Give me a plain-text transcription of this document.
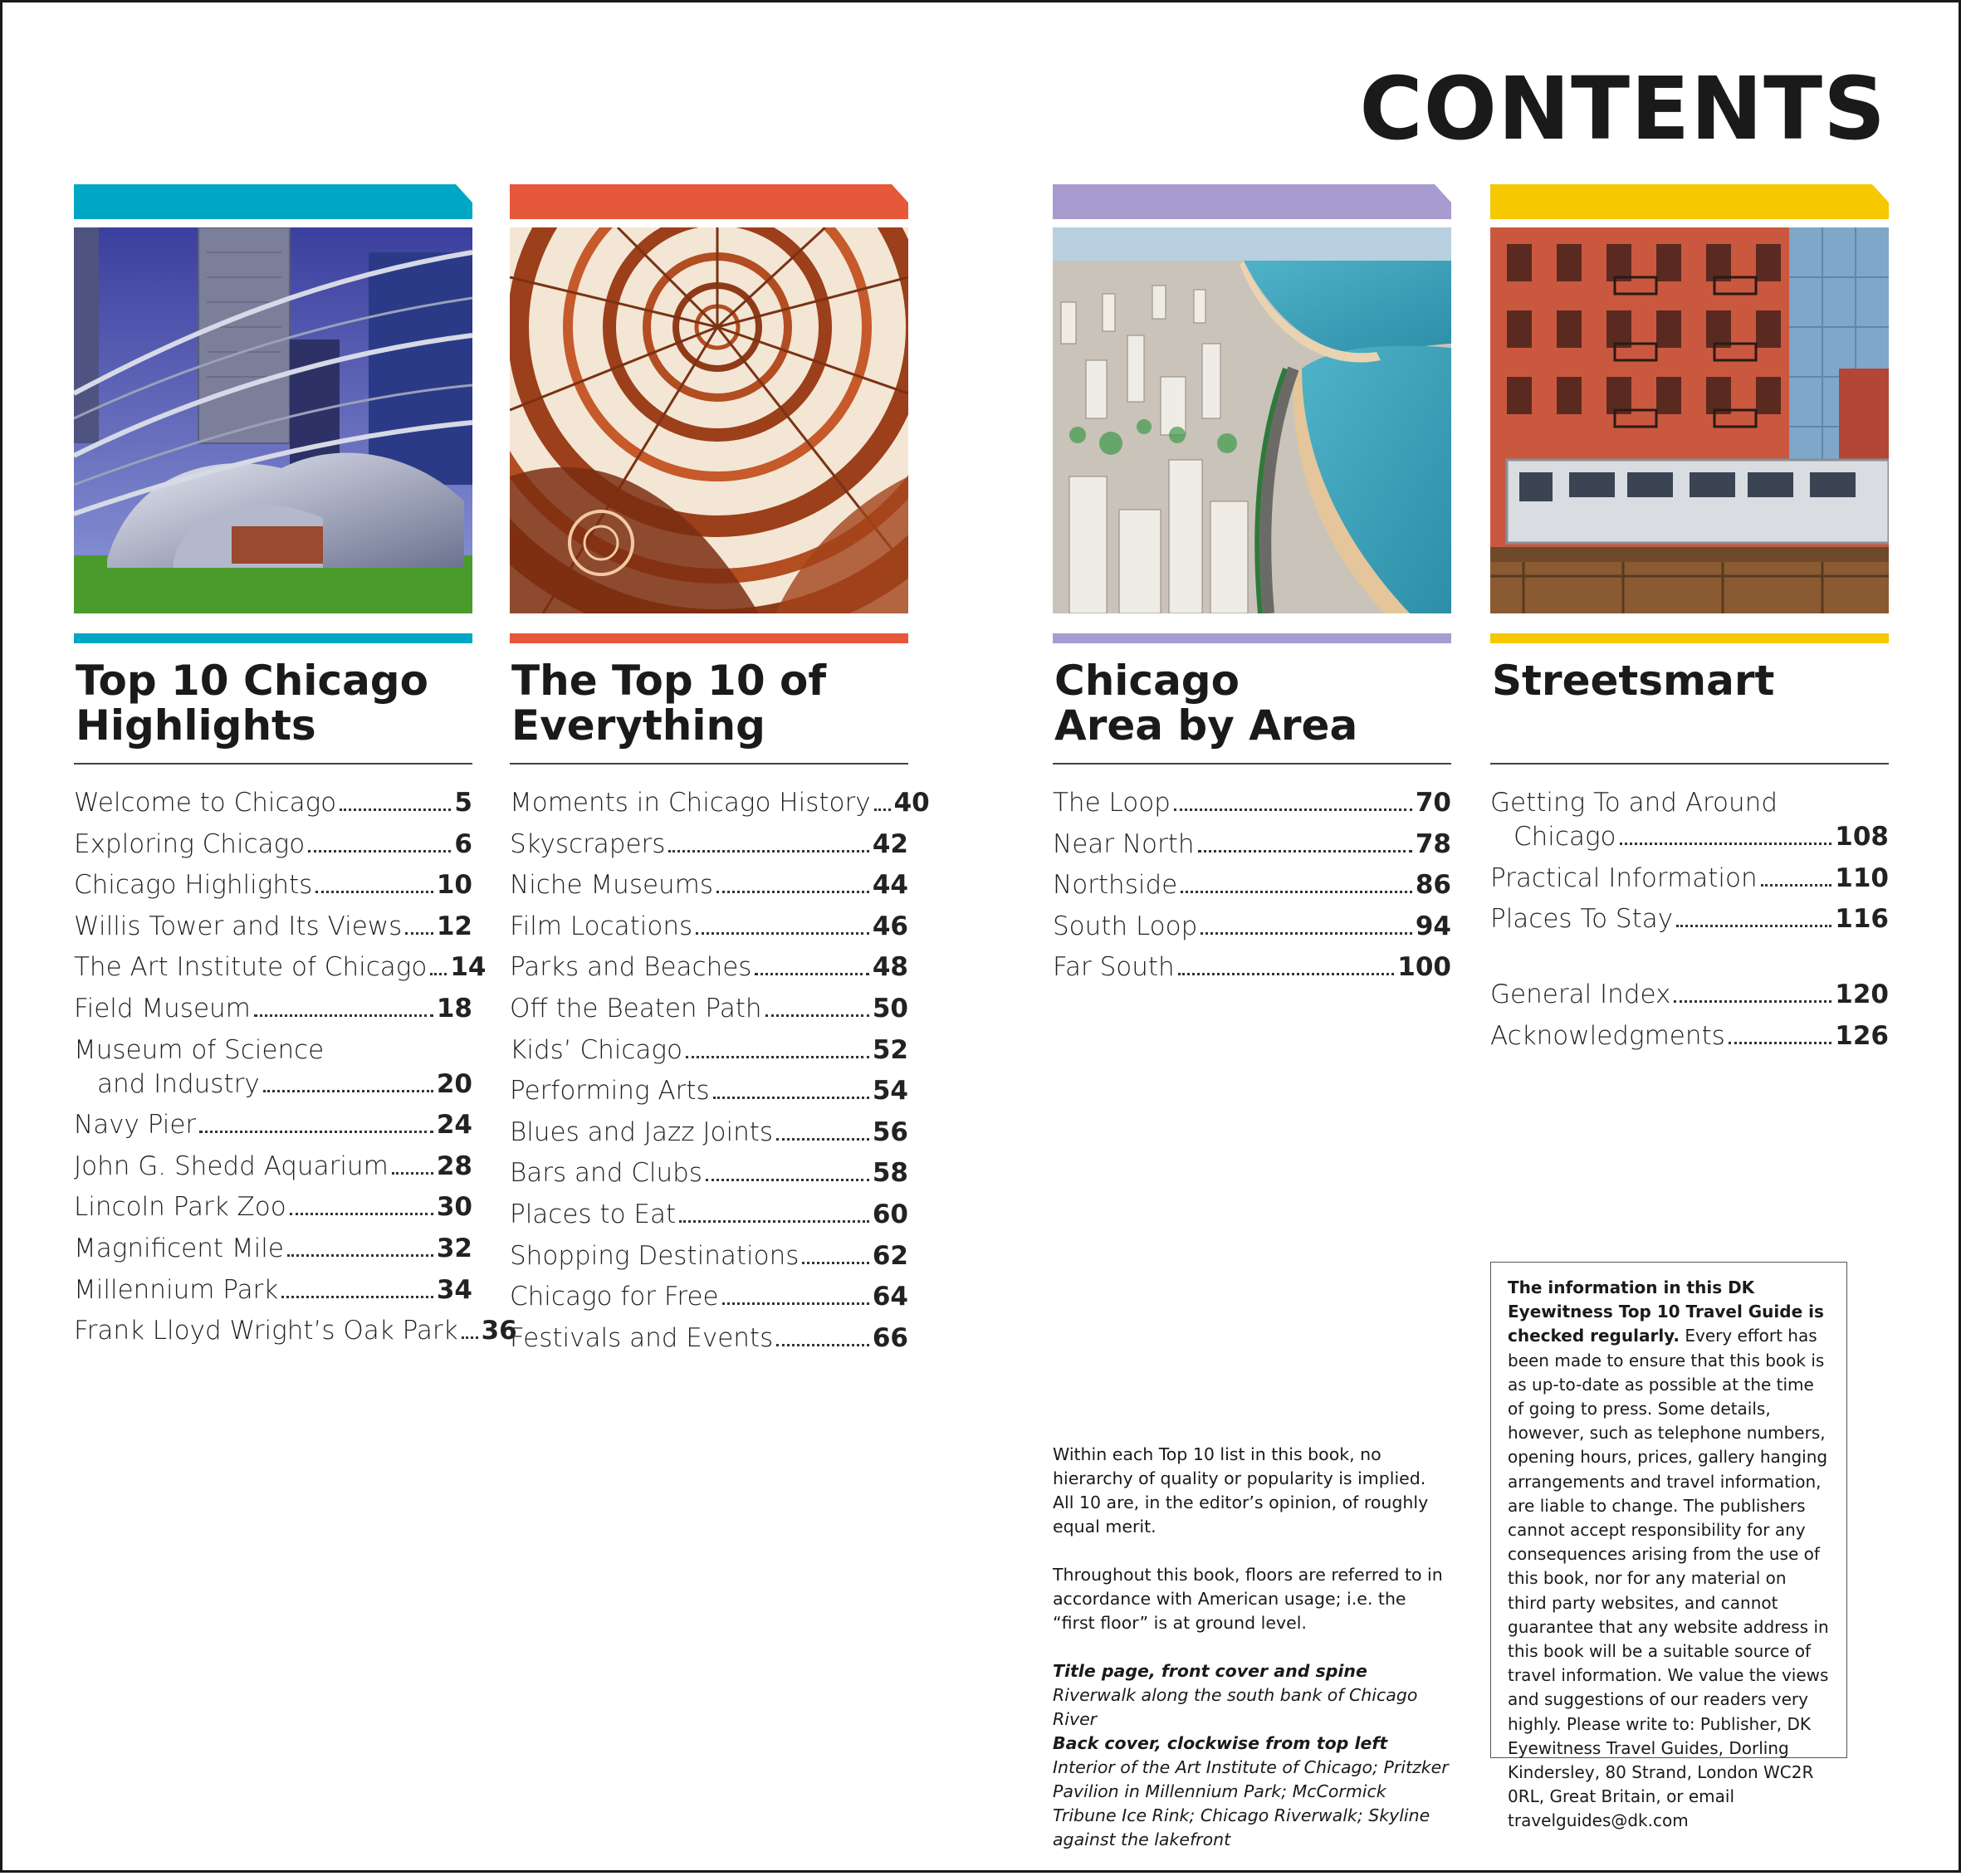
CONTENTS
Top 10 Chicago
Highlights
Welcome to Chicago	5
Exploring Chicago	6
Chicago Highlights	10
Willis Tower and Its Views 12
The Art Institute of Chicago 14
Field Museum	18
Museum of Science
and Industry	20
Navy Pier	24
John G. Shedd Aquarium 28
Lincoln Park Zoo	30
Magnificent Mile	32
Millennium Park	34
Frank Lloyd Wright’s Oak Park 36
The Top 10 of
Everything
Moments in Chicago History 40
Skyscrapers	42
Niche Museums	44
Film Locations	46
Parks and Beaches	48
Off the Beaten Path	50
Kids’ Chicago	52
Performing Arts	54
Blues and Jazz Joints	56
Bars and Clubs	58
Places to Eat	60
Shopping Destinations	62
Chicago for Free	64
Festivals and Events	66
Chicago
Area by Area
The Loop	70
Near North	78
Northside	86
South Loop	94
Far South	100
Streetsmart
Getting To and Around
Chicago	108
Practical Information	110
Places To Stay	116
General Index	120
Acknowledgments	126

Within each Top 10 list in this book, no hierarchy of quality or popularity is implied. All 10 are, in the editor’s opinion, of roughly equal merit.

Throughout this book, floors are referred to in accordance with American usage; i.e. the “first floor” is at ground level.

Title page, front cover and spine Riverwalk along the south bank of Chicago River
Back cover, clockwise from top left Interior of the Art Institute of Chicago; Pritzker Pavilion in Millennium Park; McCormick Tribune Ice Rink; Chicago Riverwalk; Skyline against the lakefront

The information in this DK Eyewitness Top 10 Travel Guide is checked regularly. Every effort has been made to ensure that this book is as up-to-date as possible at the time of going to press. Some details, however, such as telephone numbers, opening hours, prices, gallery hanging arrangements and travel information, are liable to change. The publishers cannot accept responsibility for any consequences arising from the use of this book, nor for any material on third party websites, and cannot guarantee that any website address in this book will be a suitable source of travel information. We value the views and suggestions of our readers very highly. Please write to: Publisher, DK Eyewitness Travel Guides, Dorling Kindersley, 80 Strand, London WC2R 0RL, Great Britain, or email travelguides@dk.com
